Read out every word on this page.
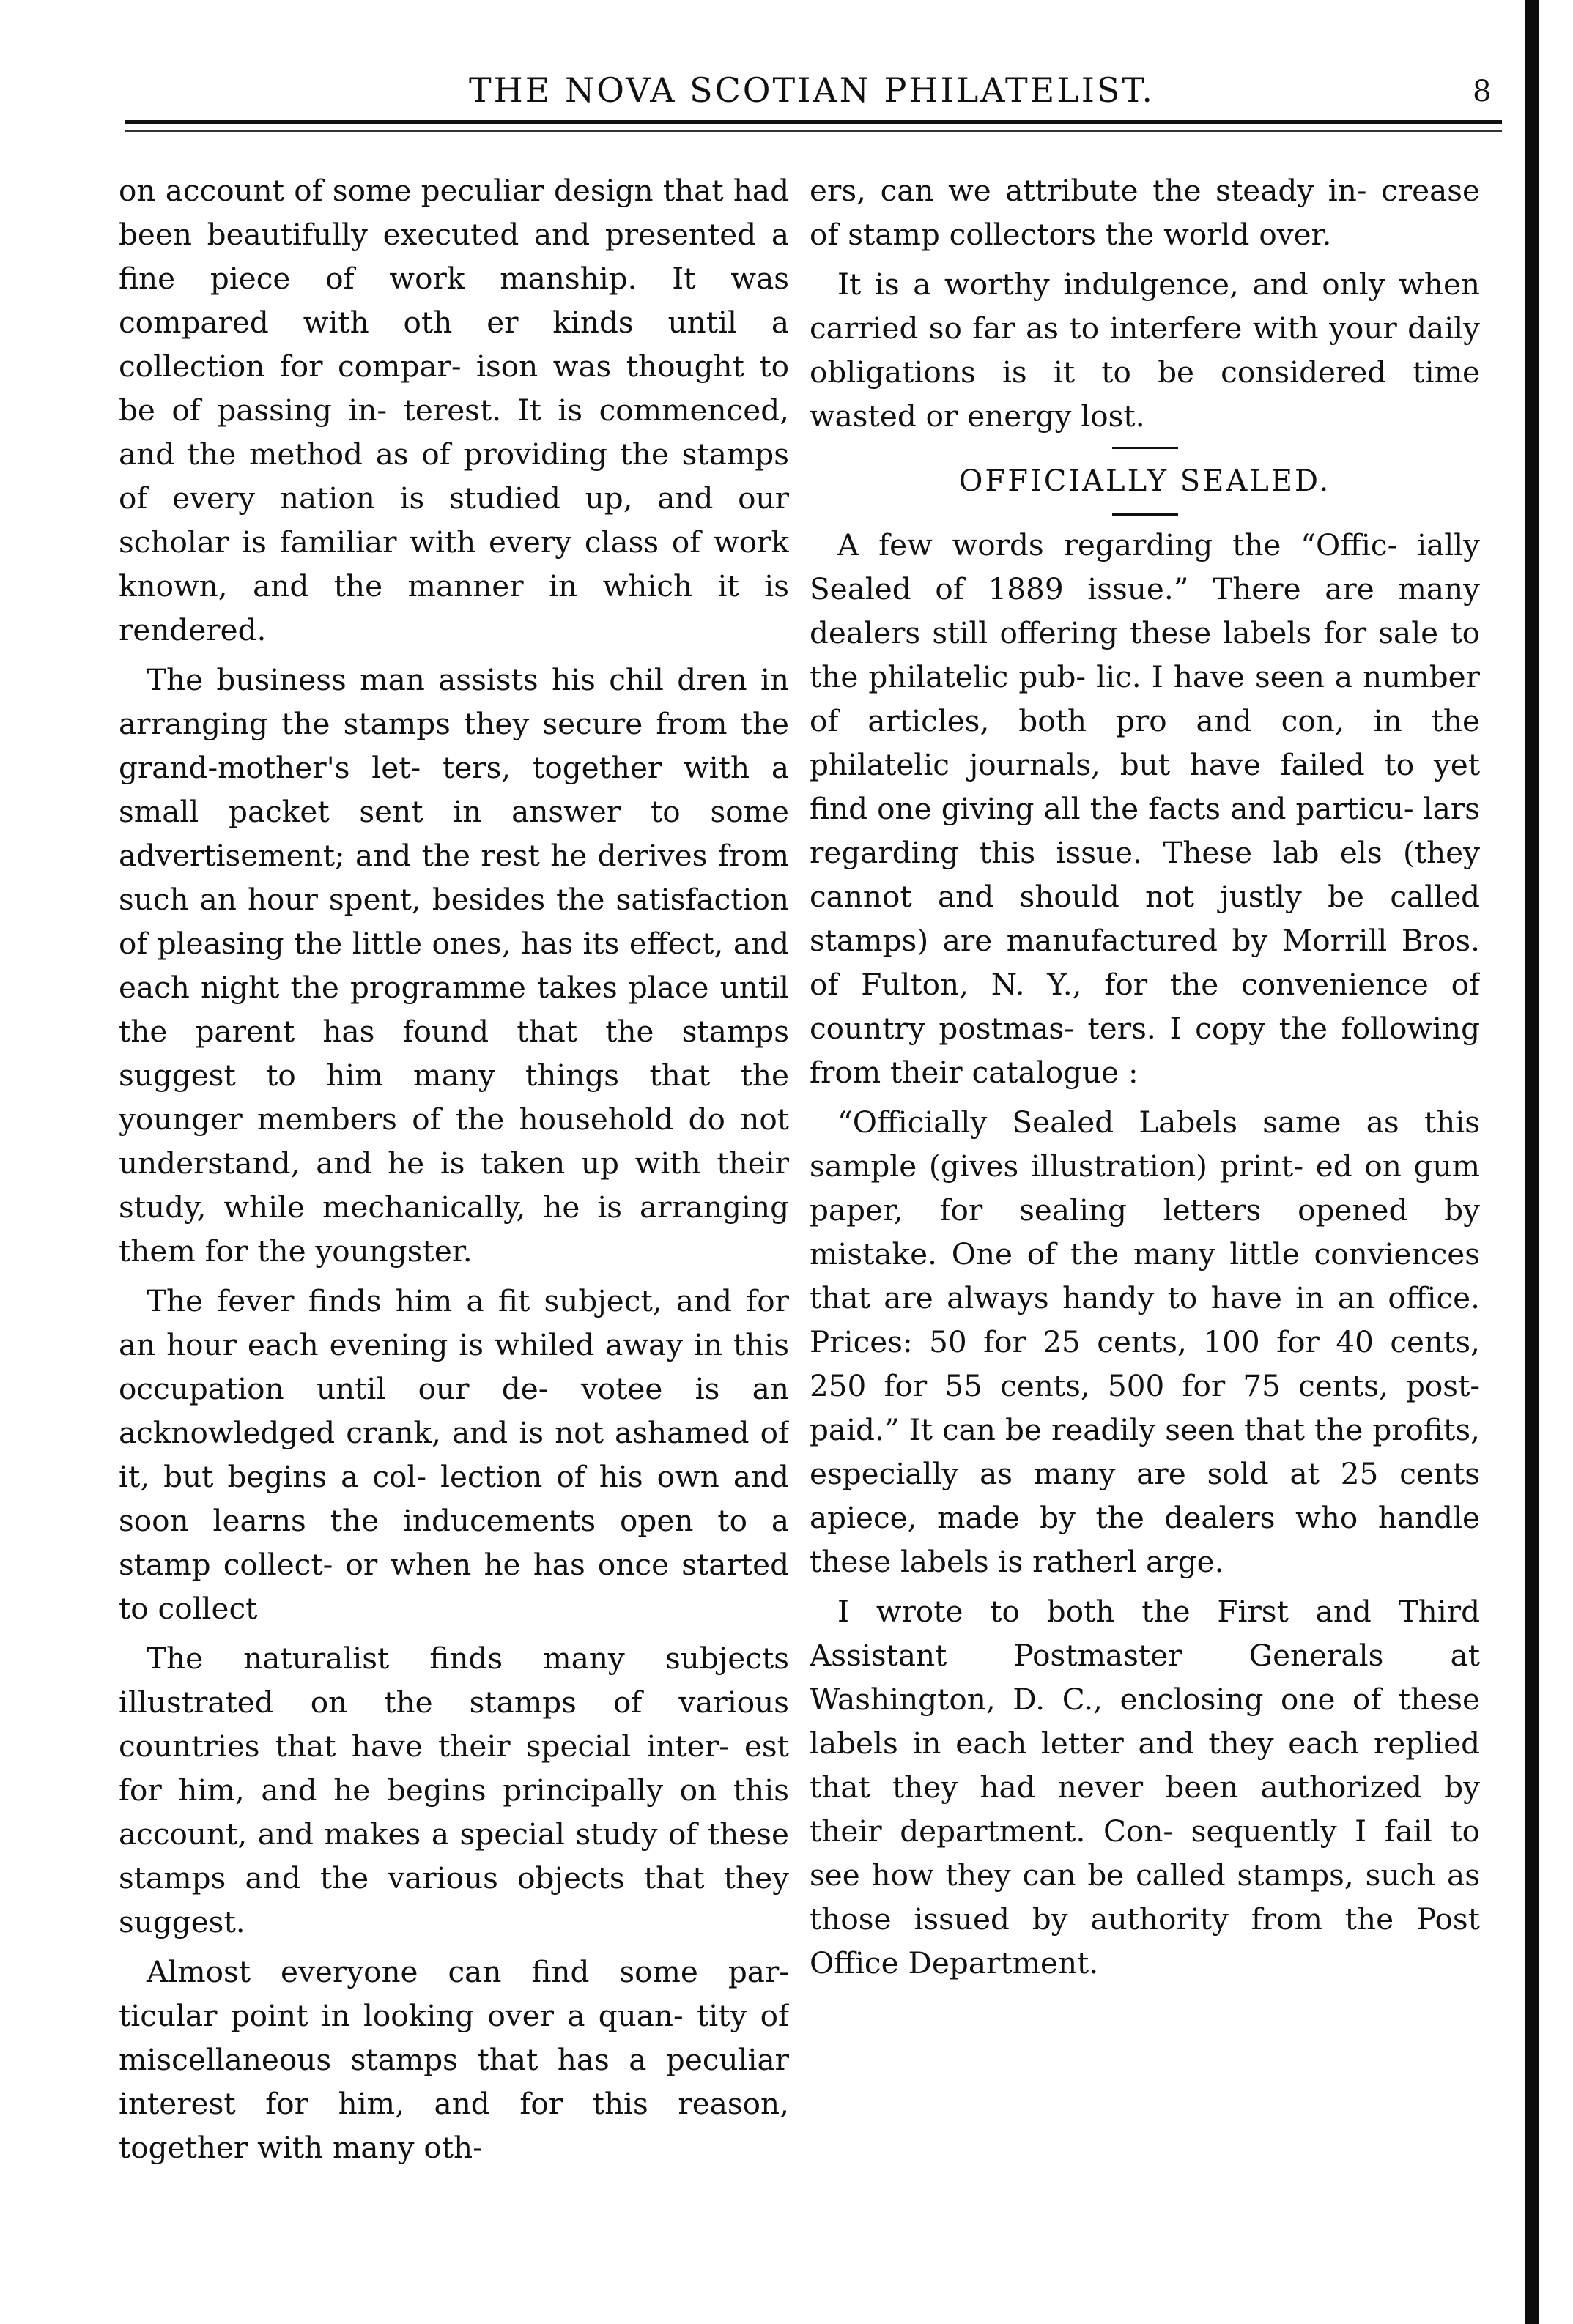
THE NOVA SCOTIAN PHILATELIST.	8

on account of some peculiar design that had been beautifully executed and presented a fine piece of work manship. It was compared with oth er kinds until a collection for compar- ison was thought to be of passing in- terest. It is commenced, and the method as of providing the stamps of every nation is studied up, and our scholar is familiar with every class of work known, and the manner in which it is rendered.

The business man assists his chil dren in arranging the stamps they secure from the grand-mother's let- ters, together with a small packet sent in answer to some advertisement; and the rest he derives from such an hour spent, besides the satisfaction of pleasing the little ones, has its effect, and each night the programme takes place until the parent has found that the stamps suggest to him many things that the younger members of the household do not understand, and he is taken up with their study, while mechanically, he is arranging them for the youngster.

The fever finds him a fit subject, and for an hour each evening is whiled away in this occupation until our de- votee is an acknowledged crank, and is not ashamed of it, but begins a col- lection of his own and soon learns the inducements open to a stamp collect- or when he has once started to collect

The naturalist finds many subjects illustrated on the stamps of various countries that have their special inter- est for him, and he begins principally on this account, and makes a special study of these stamps and the various objects that they suggest.

Almost everyone can find some par- ticular point in looking over a quan- tity of miscellaneous stamps that has a peculiar interest for him, and for this reason, together with many oth-

ers, can we attribute the steady in- crease of stamp collectors the world over.

It is a worthy indulgence, and only when carried so far as to interfere with your daily obligations is it to be considered time wasted or energy lost.

OFFICIALLY SEALED.

A few words regarding the “Offic- ially Sealed of 1889 issue.” There are many dealers still offering these labels for sale to the philatelic pub- lic. I have seen a number of articles, both pro and con, in the philatelic journals, but have failed to yet find one giving all the facts and particu- lars regarding this issue. These lab els (they cannot and should not justly be called stamps) are manufactured by Morrill Bros. of Fulton, N. Y., for the convenience of country postmas- ters. I copy the following from their catalogue :

“Officially Sealed Labels same as this sample (gives illustration) print- ed on gum paper, for sealing letters opened by mistake. One of the many little conviences that are always handy to have in an office. Prices: 50 for 25 cents, 100 for 40 cents, 250 for 55 cents, 500 for 75 cents, post- paid.” It can be readily seen that the profits, especially as many are sold at 25 cents apiece, made by the dealers who handle these labels is ratherl arge.

I wrote to both the First and Third Assistant Postmaster Generals at Washington, D. C., enclosing one of these labels in each letter and they each replied that they had never been authorized by their department. Con- sequently I fail to see how they can be called stamps, such as those issued by authority from the Post Office Department.
